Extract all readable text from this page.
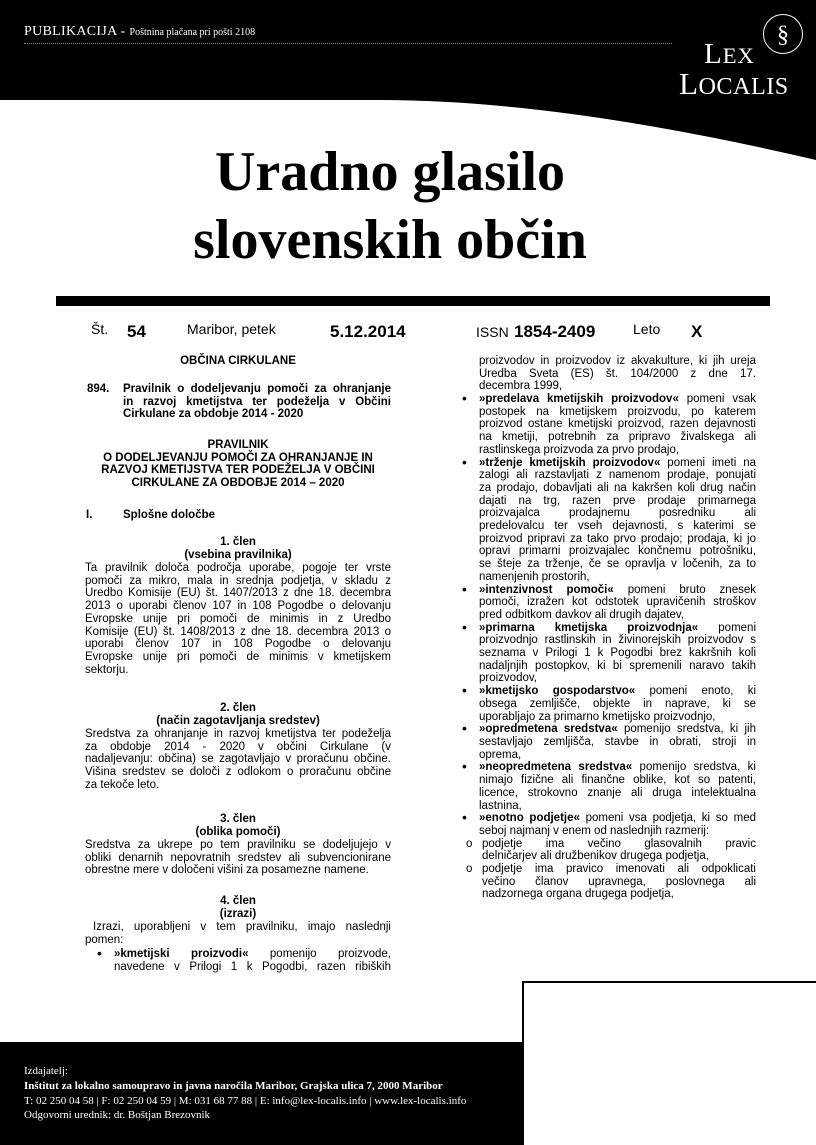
PUBLIKACIJA - Poštnina plačana pri pošti 2108	§
LEX
LOCALIS
Uradno glasilo
slovenskih občin
Št. 54	Maribor, petek	5.12.2014	ISSN 1854-2409	Leto X
OBČINA CIRKULANE
894. Pravilnik o dodeljevanju pomoči za ohranjanje
in razvoj kmetijstva ter podeželja v Občini
Cirkulane za obdobje 2014 - 2020
PRAVILNIK
O DODELJEVANJU POMOČI ZA OHRANJANJE IN
RAZVOJ KMETIJSTVA TER PODEŽELJA V OBČINI
CIRKULANE ZA OBDOBJE 2014 – 2020
I.	Splošne določbe
1. člen
(vsebina pravilnika)
Ta pravilnik določa področja uporabe, pogoje ter vrste
pomoči za mikro, mala in srednja podjetja, v skladu z
Uredbo Komisije (EU) št. 1407/2013 z dne 18. decembra
2013 o uporabi členov 107 in 108 Pogodbe o delovanju
Evropske unije pri pomoči de minimis in z Uredbo
Komisije (EU) št. 1408/2013 z dne 18. decembra 2013 o
uporabi členov 107 in 108 Pogodbe o delovanju
Evropske unije pri pomoči de minimis v kmetijskem
sektorju.
2. člen
(način zagotavljanja sredstev)
Sredstva za ohranjanje in razvoj kmetijstva ter podeželja
za obdobje 2014 - 2020 v občini Cirkulane (v
nadaljevanju: občina) se zagotavljajo v proračunu občine.
Višina sredstev se določi z odlokom o proračunu občine
za tekoče leto.
3. člen
(oblika pomoči)
Sredstva za ukrepe po tem pravilniku se dodeljujejo v
obliki denarnih nepovratnih sredstev ali subvencionirane
obrestne mere v določeni višini za posamezne namene.
4. člen
(izrazi)
Izrazi, uporabljeni v tem pravilniku, imajo naslednji
pomen:
• »kmetijski proizvodi« pomenijo proizvode,
navedene v Prilogi 1 k Pogodbi, razen ribiških
proizvodov in proizvodov iz akvakulture, ki jih ureja
Uredba Sveta (ES) št. 104/2000 z dne 17.
decembra 1999,
• »predelava kmetijskih proizvodov« pomeni vsak
postopek na kmetijskem proizvodu, po katerem
proizvod ostane kmetijski proizvod, razen dejavnosti
na kmetiji, potrebnih za pripravo živalskega ali
rastlinskega proizvoda za prvo prodajo,
• »trženje kmetijskih proizvodov« pomeni imeti na
zalogi ali razstavljati z namenom prodaje, ponujati
za prodajo, dobavljati ali na kakršen koli drug način
dajati na trg, razen prve prodaje primarnega
proizvajalca prodajnemu posredniku ali
predelovalcu ter vseh dejavnosti, s katerimi se
proizvod pripravi za tako prvo prodajo; prodaja, ki jo
opravi primarni proizvajalec končnemu potrošniku,
se šteje za trženje, če se opravlja v ločenih, za to
namenjenih prostorih,
• »intenzivnost pomoči« pomeni bruto znesek
pomoči, izražen kot odstotek upravičenih stroškov
pred odbitkom davkov ali drugih dajatev,
• »primarna kmetijska proizvodnja« pomeni
proizvodnjo rastlinskih in živinorejskih proizvodov s
seznama v Prilogi 1 k Pogodbi brez kakršnih koli
nadaljnjih postopkov, ki bi spremenili naravo takih
proizvodov,
• »kmetijsko gospodarstvo« pomeni enoto, ki
obsega zemljišče, objekte in naprave, ki se
uporabljajo za primarno kmetijsko proizvodnjo,
• »opredmetena sredstva« pomenijo sredstva, ki jih
sestavljajo zemljišča, stavbe in obrati, stroji in
oprema,
• »neopredmetena sredstva« pomenijo sredstva, ki
nimajo fizične ali finančne oblike, kot so patenti,
licence, strokovno znanje ali druga intelektualna
lastnina,
• »enotno podjetje« pomeni vsa podjetja, ki so med
seboj najmanj v enem od naslednjih razmerij:
o podjetje ima večino glasovalnih pravic
delničarjev ali družbenikov drugega podjetja,
o podjetje ima pravico imenovati ali odpoklicati
večino članov upravnega, poslovnega ali
nadzornega organa drugega podjetja,
Izdajatelj:
Inštitut za lokalno samoupravo in javna naročila Maribor, Grajska ulica 7, 2000 Maribor
T: 02 250 04 58 | F: 02 250 04 59 | M: 031 68 77 88 | E: info@lex-localis.info | www.lex-localis.info
Odgovorni urednik: dr. Boštjan Brezovnik
